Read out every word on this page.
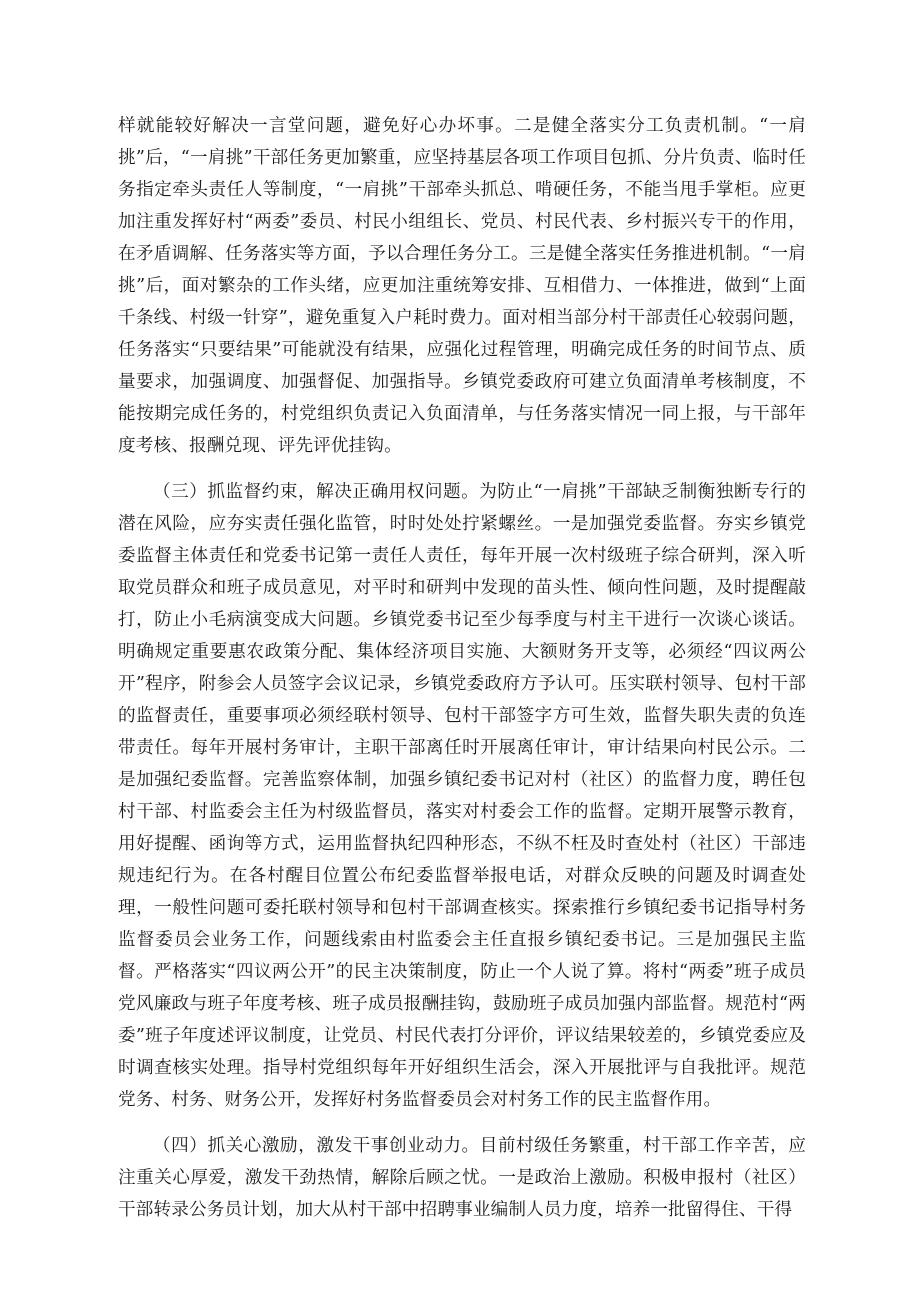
样就能较好解决一言堂问题，避免好心办坏事。二是健全落实分工负责机制。“一肩挑”后，“一肩挑”干部任务更加繁重，应坚持基层各项工作项目包抓、分片负责、临时任务指定牵头责任人等制度，“一肩挑”干部牵头抓总、啃硬任务，不能当甩手掌柜。应更加注重发挥好村“两委”委员、村民小组组长、党员、村民代表、乡村振兴专干的作用，在矛盾调解、任务落实等方面，予以合理任务分工。三是健全落实任务推进机制。“一肩挑”后，面对繁杂的工作头绪，应更加注重统筹安排、互相借力、一体推进，做到“上面千条线、村级一针穿”，避免重复入户耗时费力。面对相当部分村干部责任心较弱问题，任务落实“只要结果”可能就没有结果，应强化过程管理，明确完成任务的时间节点、质量要求，加强调度、加强督促、加强指导。乡镇党委政府可建立负面清单考核制度，不能按期完成任务的，村党组织负责记入负面清单，与任务落实情况一同上报，与干部年度考核、报酬兑现、评先评优挂钩。

（三）抓监督约束，解决正确用权问题。为防止“一肩挑”干部缺乏制衡独断专行的潜在风险，应夯实责任强化监管，时时处处拧紧螺丝。一是加强党委监督。夯实乡镇党委监督主体责任和党委书记第一责任人责任，每年开展一次村级班子综合研判，深入听取党员群众和班子成员意见，对平时和研判中发现的苗头性、倾向性问题，及时提醒敲打，防止小毛病演变成大问题。乡镇党委书记至少每季度与村主干进行一次谈心谈话。明确规定重要惠农政策分配、集体经济项目实施、大额财务开支等，必须经“四议两公开”程序，附参会人员签字会议记录，乡镇党委政府方予认可。压实联村领导、包村干部的监督责任，重要事项必须经联村领导、包村干部签字方可生效，监督失职失责的负连带责任。每年开展村务审计，主职干部离任时开展离任审计，审计结果向村民公示。二是加强纪委监督。完善监察体制，加强乡镇纪委书记对村（社区）的监督力度，聘任包村干部、村监委会主任为村级监督员，落实对村委会工作的监督。定期开展警示教育，用好提醒、函询等方式，运用监督执纪四种形态，不纵不枉及时查处村（社区）干部违规违纪行为。在各村醒目位置公布纪委监督举报电话，对群众反映的问题及时调查处理，一般性问题可委托联村领导和包村干部调查核实。探索推行乡镇纪委书记指导村务监督委员会业务工作，问题线索由村监委会主任直报乡镇纪委书记。三是加强民主监督。严格落实“四议两公开”的民主决策制度，防止一个人说了算。将村“两委”班子成员党风廉政与班子年度考核、班子成员报酬挂钩，鼓励班子成员加强内部监督。规范村“两委”班子年度述评议制度，让党员、村民代表打分评价，评议结果较差的，乡镇党委应及时调查核实处理。指导村党组织每年开好组织生活会，深入开展批评与自我批评。规范党务、村务、财务公开，发挥好村务监督委员会对村务工作的民主监督作用。

（四）抓关心激励，激发干事创业动力。目前村级任务繁重，村干部工作辛苦，应注重关心厚爱，激发干劲热情，解除后顾之忧。一是政治上激励。积极申报村（社区）干部转录公务员计划，加大从村干部中招聘事业编制人员力度，培养一批留得住、干得
